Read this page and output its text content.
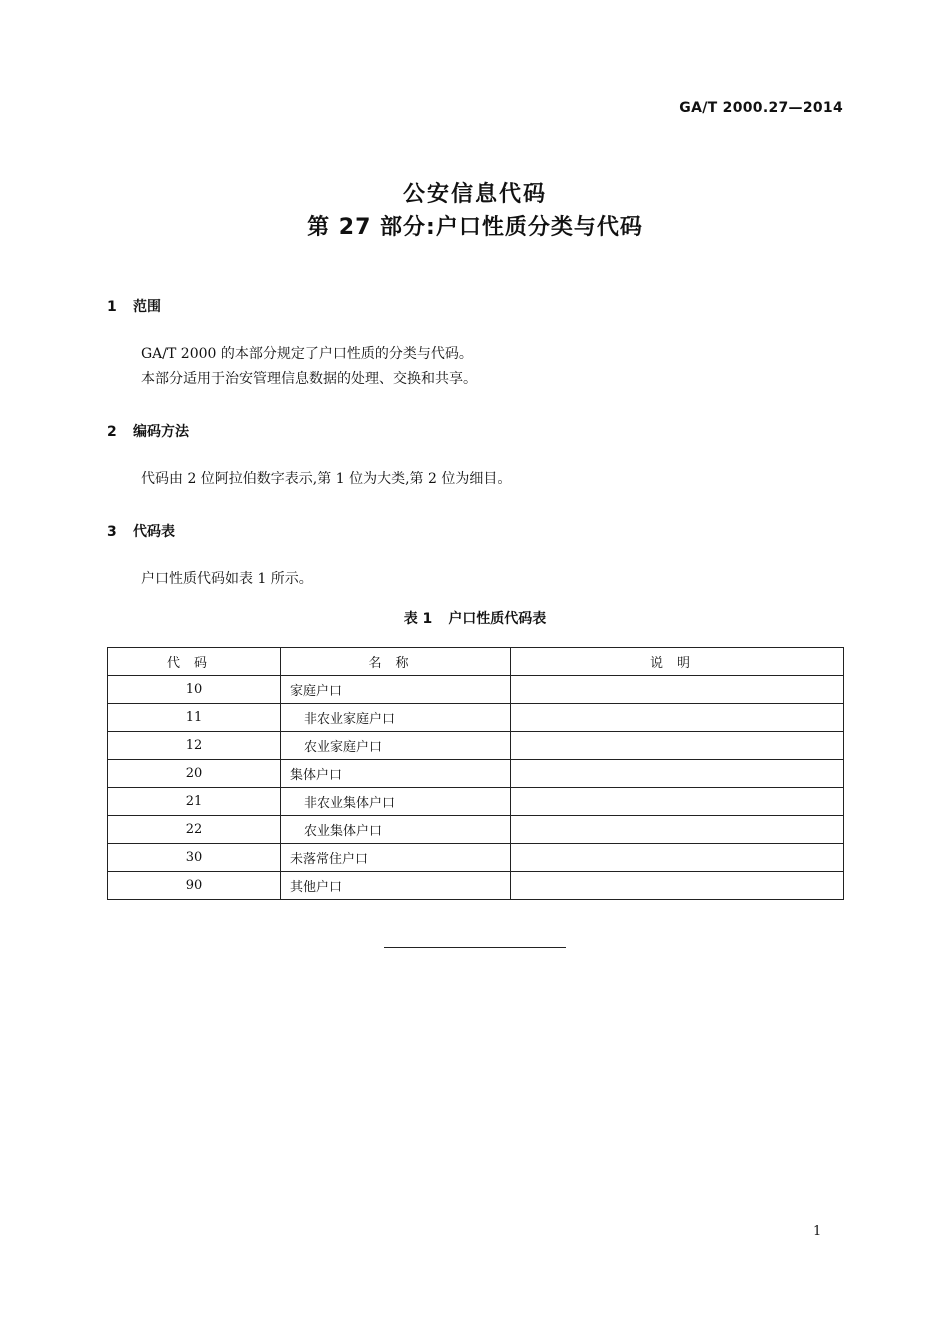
GA/T 2000.27—2014
公安信息代码
第 27 部分:户口性质分类与代码
1 范围
GA/T 2000 的本部分规定了户口性质的分类与代码。
本部分适用于治安管理信息数据的处理、交换和共享。
2 编码方法
代码由 2 位阿拉伯数字表示,第 1 位为大类,第 2 位为细目。
3 代码表
户口性质代码如表 1 所示。
表 1 户口性质代码表
代码	名称	说明
10	家庭户口	
11	非农业家庭户口	
12	农业家庭户口	
20	集体户口	
21	非农业集体户口	
22	农业集体户口	
30	未落常住户口	
90	其他户口	
1
